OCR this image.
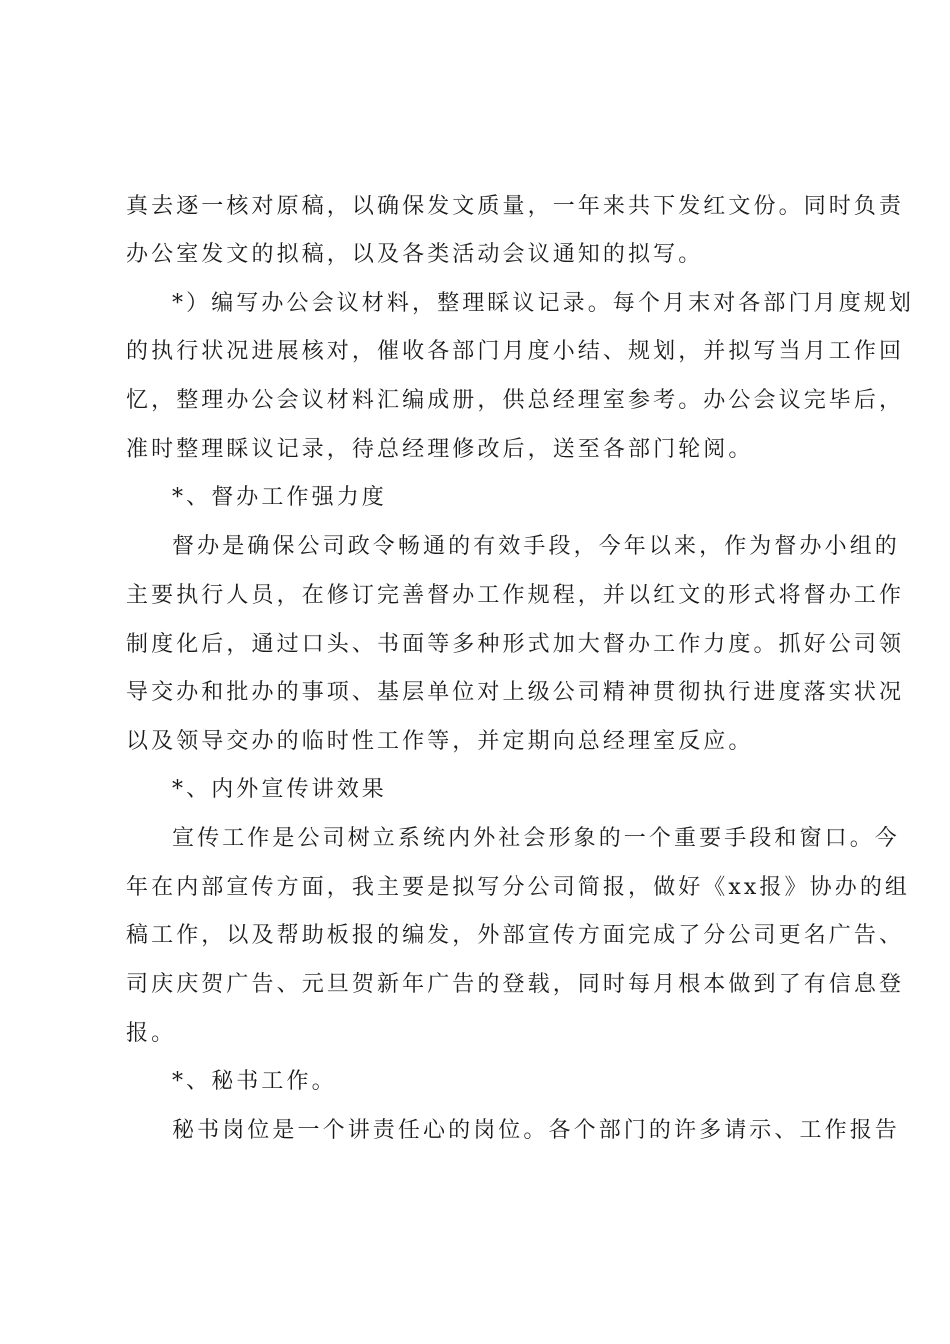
真去逐一核对原稿，以确保发文质量，一年来共下发红文份。同时负责
办公室发文的拟稿，以及各类活动会议通知的拟写。
*）编写办公会议材料，整理睬议记录。每个月末对各部门月度规划
的执行状况进展核对，催收各部门月度小结、规划，并拟写当月工作回
忆，整理办公会议材料汇编成册，供总经理室参考。办公会议完毕后，
准时整理睬议记录，待总经理修改后，送至各部门轮阅。
*、督办工作强力度
督办是确保公司政令畅通的有效手段，今年以来，作为督办小组的
主要执行人员，在修订完善督办工作规程，并以红文的形式将督办工作
制度化后，通过口头、书面等多种形式加大督办工作力度。抓好公司领
导交办和批办的事项、基层单位对上级公司精神贯彻执行进度落实状况
以及领导交办的临时性工作等，并定期向总经理室反应。
*、内外宣传讲效果
宣传工作是公司树立系统内外社会形象的一个重要手段和窗口。今
年在内部宣传方面，我主要是拟写分公司简报，做好《xx报》协办的组
稿工作，以及帮助板报的编发，外部宣传方面完成了分公司更名广告、
司庆庆贺广告、元旦贺新年广告的登载，同时每月根本做到了有信息登
报。
*、秘书工作。
秘书岗位是一个讲责任心的岗位。各个部门的许多请示、工作报告
